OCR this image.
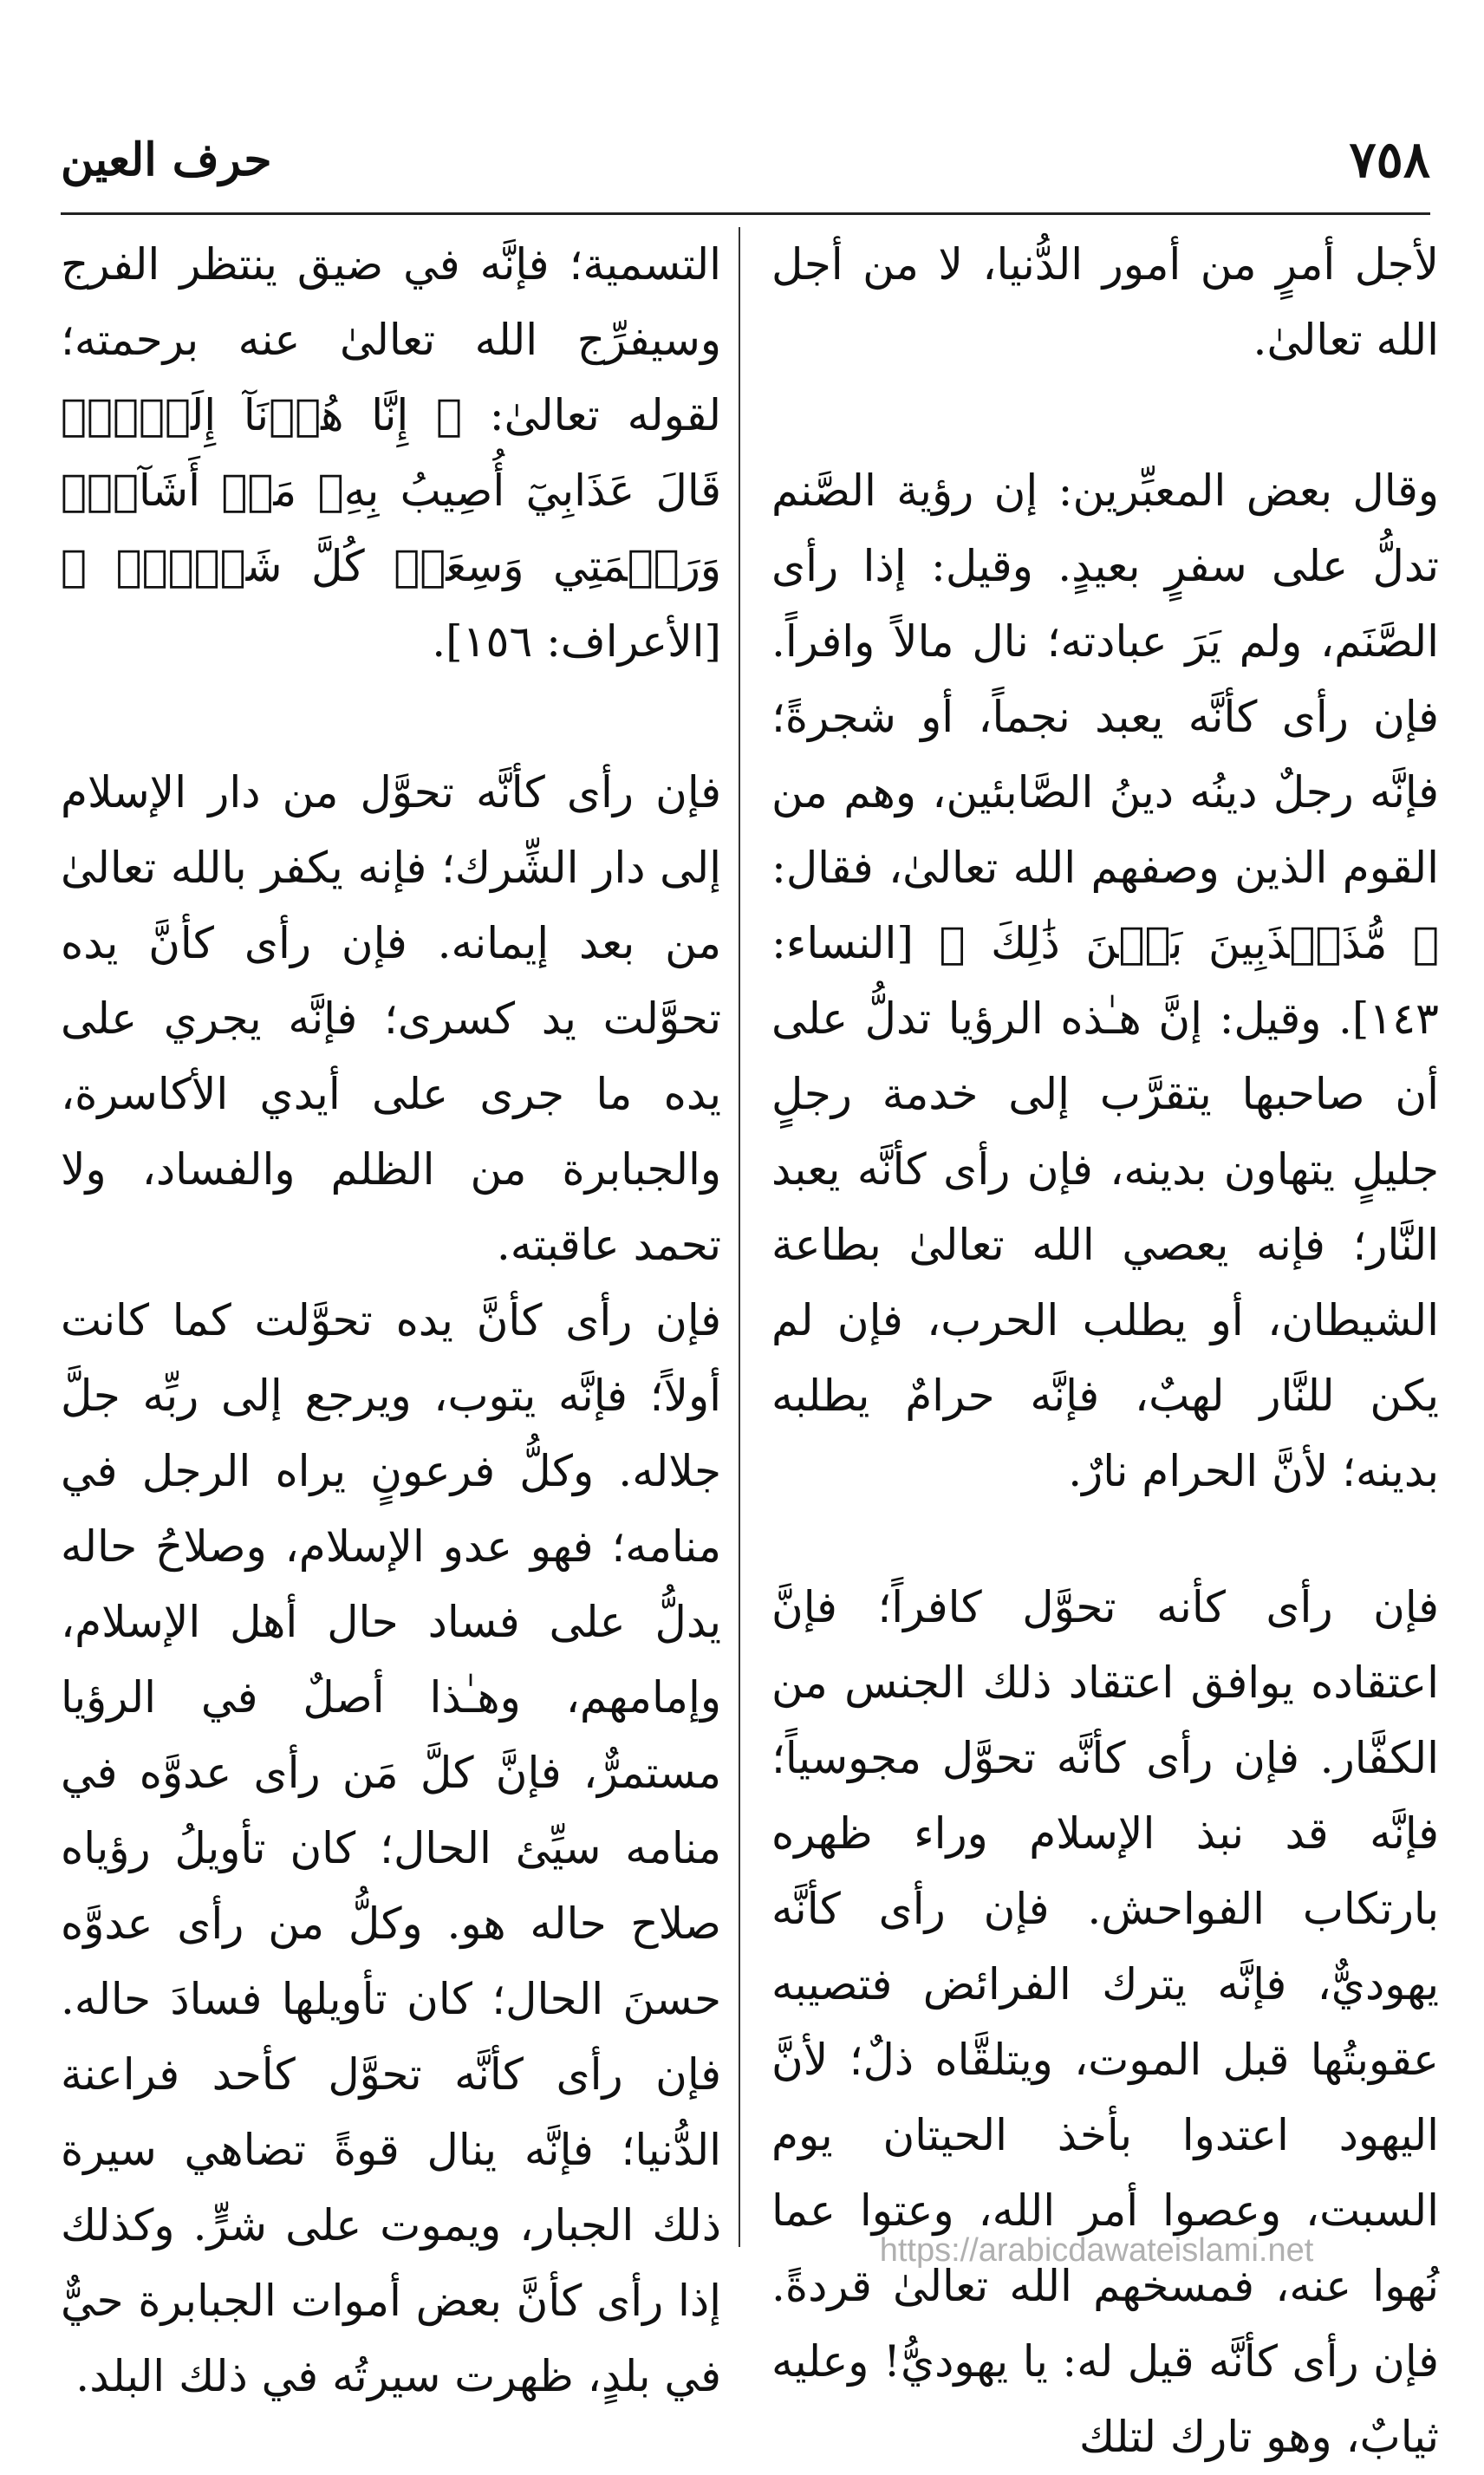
٧٥٨
حرف العين

لأجل أمرٍ من أمور الدُّنيا، لا من أجل الله تعالىٰ.

وقال بعض المعبِّرين: إن رؤية الصَّنم تدلُّ على سفرٍ بعيدٍ. وقيل: إذا رأى الصَّنَم، ولم يَرَ عبادته؛ نال مالاً وافراً. فإن رأى كأنَّه يعبد نجماً، أو شجرةً؛ فإنَّه رجلٌ دينُه دينُ الصَّابئين، وهم من القوم الذين وصفهم الله تعالىٰ، فقال: ﴿ مُّذَبۡذَبِينَ بَيۡنَ ذَٰلِكَ ﴾ [النساء: ١٤٣]. وقيل: إنَّ هـٰذه الرؤيا تدلُّ على أن صاحبها يتقرَّب إلى خدمة رجلٍ جليلٍ يتهاون بدينه، فإن رأى كأنَّه يعبد النَّار؛ فإنه يعصي الله تعالىٰ بطاعة الشيطان، أو يطلب الحرب، فإن لم يكن للنَّار لهبٌ، فإنَّه حرامٌ يطلبه بدينه؛ لأنَّ الحرام نارٌ.

فإن رأى كأنه تحوَّل كافراً؛ فإنَّ اعتقاده يوافق اعتقاد ذلك الجنس من الكفَّار. فإن رأى كأنَّه تحوَّل مجوسياً؛ فإنَّه قد نبذ الإسلام وراء ظهره بارتكاب الفواحش. فإن رأى كأنَّه يهوديٌّ، فإنَّه يترك الفرائض فتصيبه عقوبتُها قبل الموت، ويتلقَّاه ذلٌ؛ لأنَّ اليهود اعتدوا بأخذ الحيتان يوم السبت، وعصوا أمر الله، وعتوا عما نُهوا عنه، فمسخهم الله تعالىٰ قردةً. فإن رأى كأنَّه قيل له: يا يهوديُّ! وعليه ثيابٌ، وهو تارك لتلك

التسمية؛ فإنَّه في ضيق ينتظر الفرج وسيفرِّج الله تعالىٰ عنه برحمته؛ لقوله تعالىٰ: ﴿ إِنَّا هُدۡنَآ إِلَيۡكَۚ قَالَ عَذَابِيٓ أُصِيبُ بِهِۦ مَنۡ أَشَآءُۖ وَرَحۡمَتِي وَسِعَتۡ كُلَّ شَيۡءٖۚ ﴾ [الأعراف: ١٥٦].

فإن رأى كأنَّه تحوَّل من دار الإسلام إلى دار الشِّرك؛ فإنه يكفر بالله تعالىٰ من بعد إيمانه. فإن رأى كأنَّ يده تحوَّلت يد كسرى؛ فإنَّه يجري على يده ما جرى على أيدي الأكاسرة، والجبابرة من الظلم والفساد، ولا تحمد عاقبته.

فإن رأى كأنَّ يده تحوَّلت كما كانت أولاً؛ فإنَّه يتوب، ويرجع إلى ربِّه جلَّ جلاله. وكلُّ فرعونٍ يراه الرجل في منامه؛ فهو عدو الإسلام، وصلاحُ حاله يدلُّ على فساد حال أهل الإسلام، وإمامهم، وهـٰذا أصلٌ في الرؤيا مستمرٌّ، فإنَّ كلَّ مَن رأى عدوَّه في منامه سيِّئ الحال؛ كان تأويلُ رؤياه صلاح حاله هو. وكلُّ من رأى عدوَّه حسنَ الحال؛ كان تأويلها فسادَ حاله. فإن رأى كأنَّه تحوَّل كأحد فراعنة الدُّنيا؛ فإنَّه ينال قوةً تضاهي سيرة ذلك الجبار، ويموت على شرٍّ. وكذلك إذا رأى كأنَّ بعض أموات الجبابرة حيٌّ في بلدٍ، ظهرت سيرتُه في ذلك البلد.

https://arabicdawateislami.net
